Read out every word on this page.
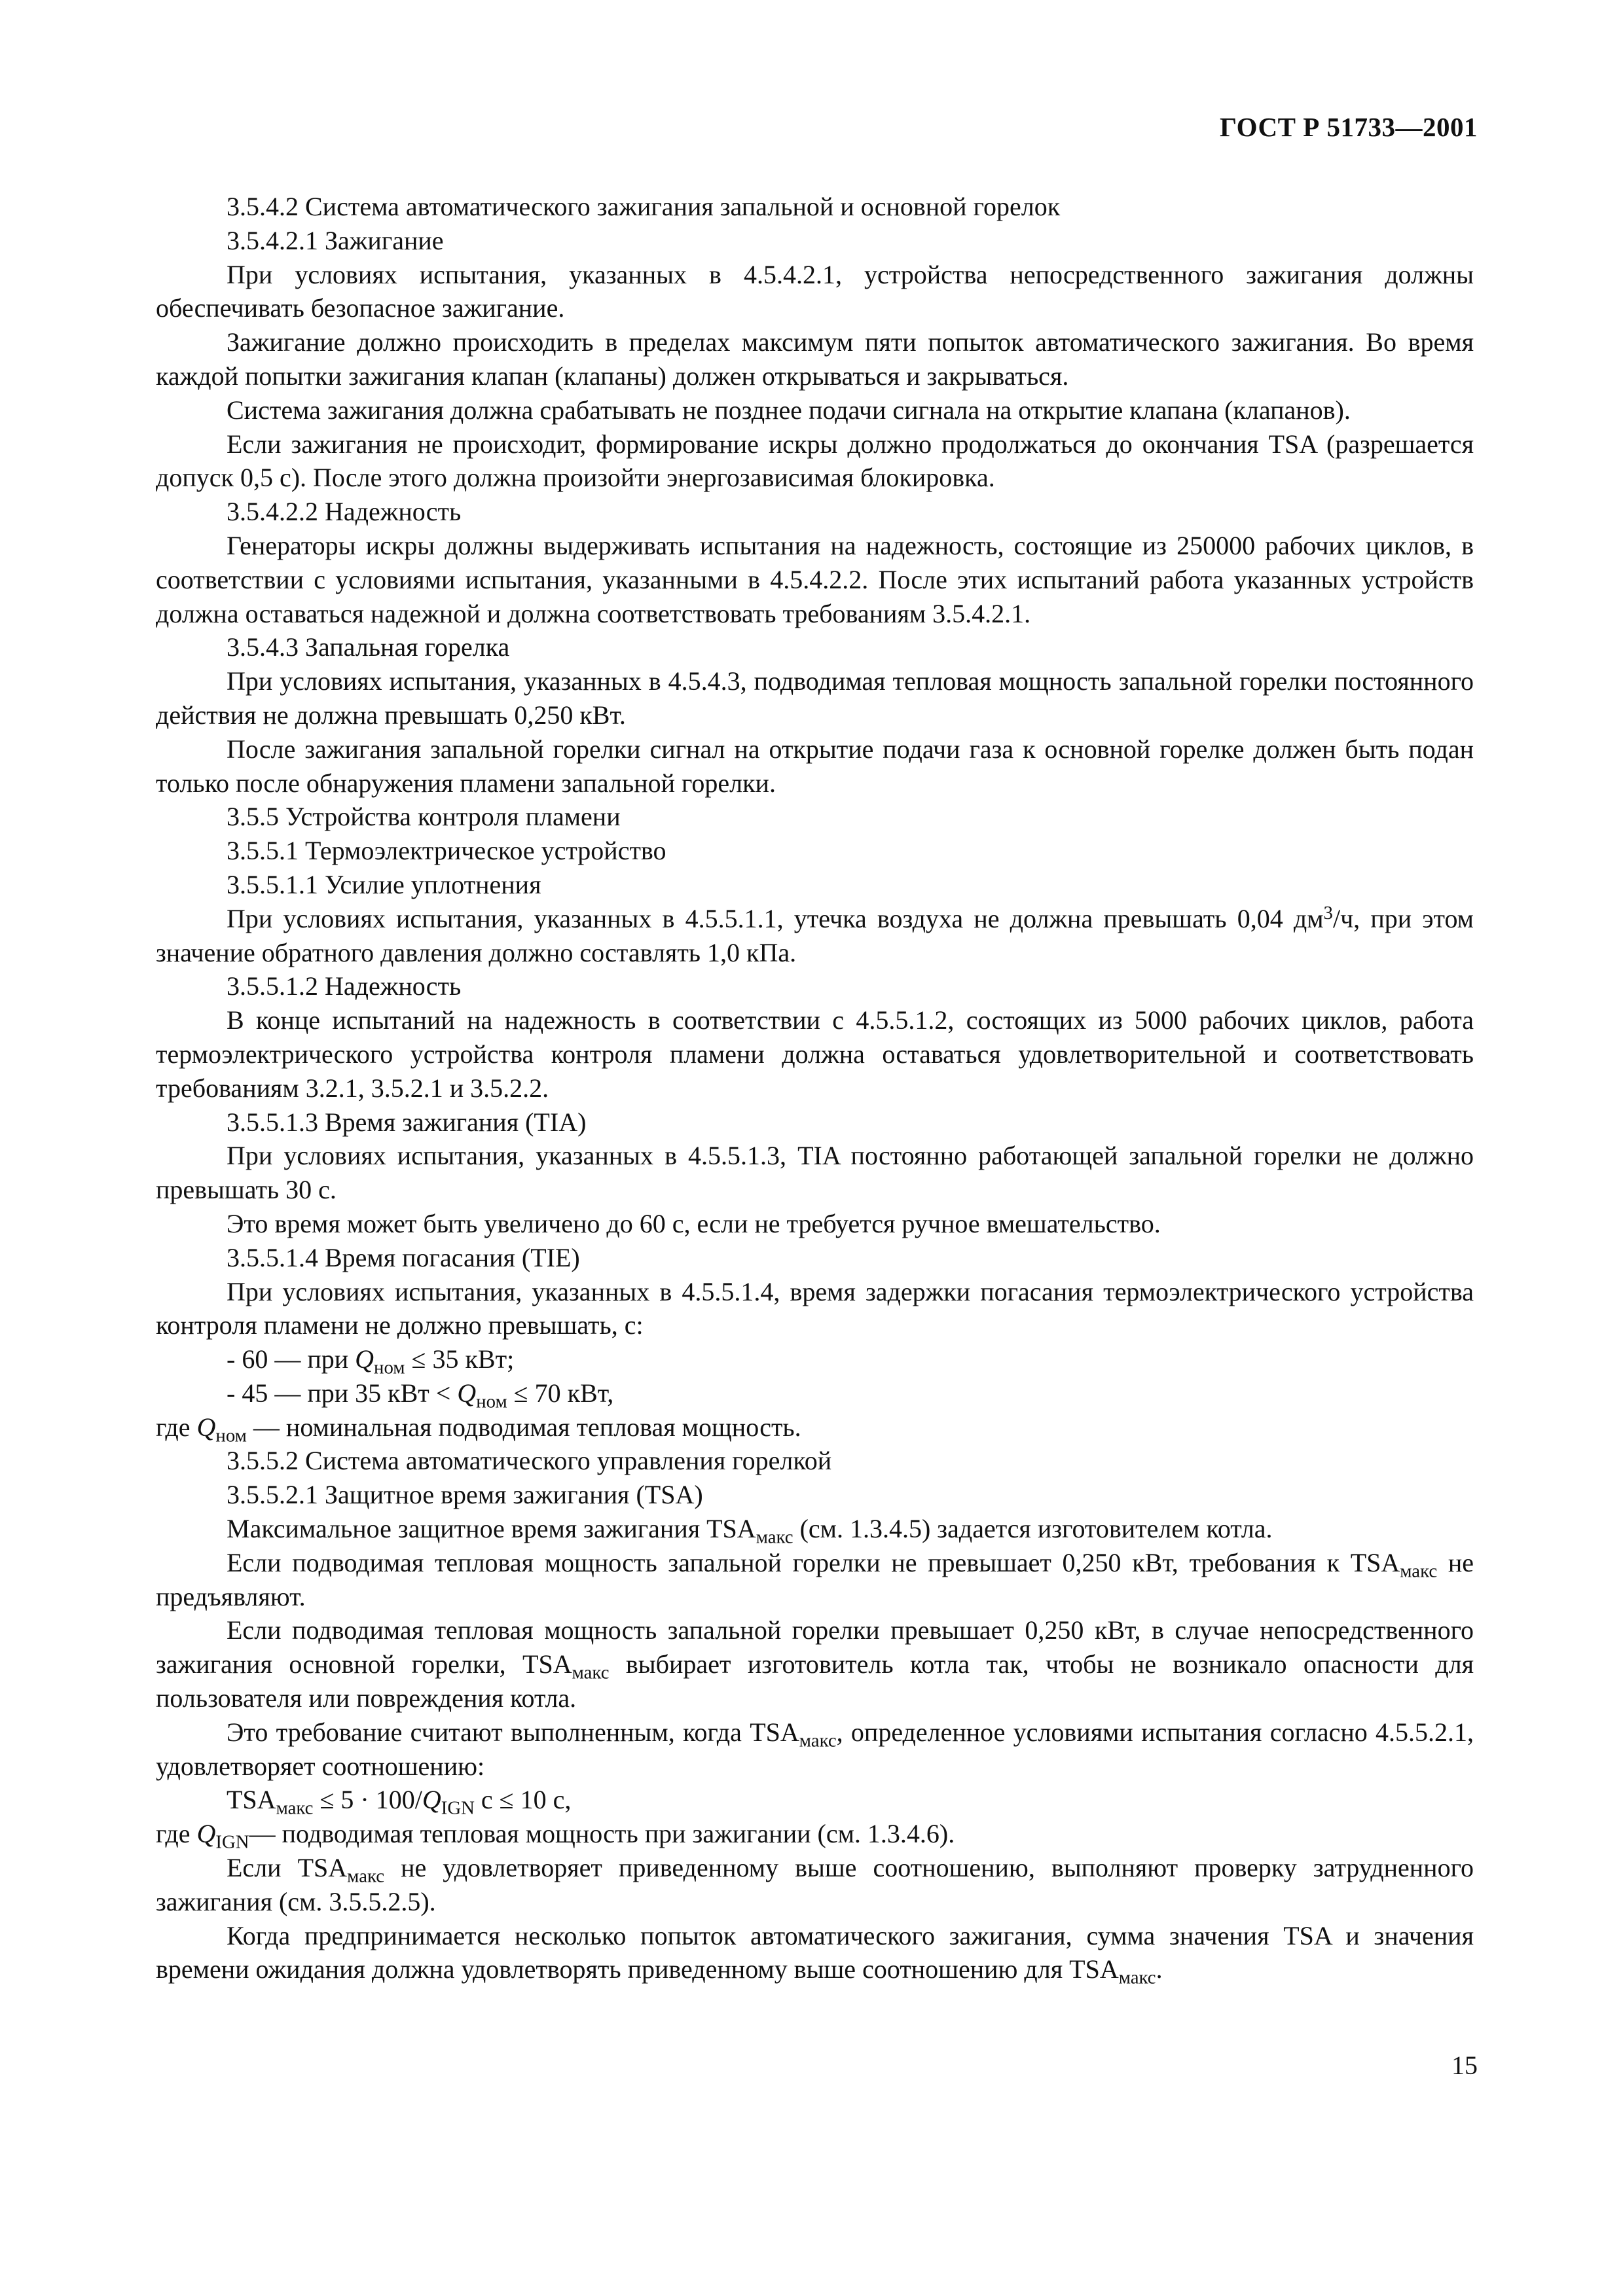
ГОСТ Р 51733—2001

3.5.4.2 Система автоматического зажигания запальной и основной горелок

3.5.4.2.1 Зажигание

При условиях испытания, указанных в 4.5.4.2.1, устройства непосредственного зажигания должны обеспечивать безопасное зажигание.

Зажигание должно происходить в пределах максимум пяти попыток автоматического зажигания. Во время каждой попытки зажигания клапан (клапаны) должен открываться и закрываться.

Система зажигания должна срабатывать не позднее подачи сигнала на открытие клапана (клапанов).

Если зажигания не происходит, формирование искры должно продолжаться до окончания TSA (разрешается допуск 0,5 с). После этого должна произойти энергозависимая блокировка.

3.5.4.2.2 Надежность

Генераторы искры должны выдерживать испытания на надежность, состоящие из 250000 рабочих циклов, в соответствии с условиями испытания, указанными в 4.5.4.2.2. После этих испытаний работа указанных устройств должна оставаться надежной и должна соответствовать требованиям 3.5.4.2.1.

3.5.4.3 Запальная горелка

При условиях испытания, указанных в 4.5.4.3, подводимая тепловая мощность запальной горелки постоянного действия не должна превышать 0,250 кВт.

После зажигания запальной горелки сигнал на открытие подачи газа к основной горелке должен быть подан только после обнаружения пламени запальной горелки.

3.5.5 Устройства контроля пламени

3.5.5.1 Термоэлектрическое устройство

3.5.5.1.1 Усилие уплотнения

При условиях испытания, указанных в 4.5.5.1.1, утечка воздуха не должна превышать 0,04 $дм^3/ч$, при этом значение обратного давления должно составлять 1,0 кПа.

3.5.5.1.2 Надежность

В конце испытаний на надежность в соответствии с 4.5.5.1.2, состоящих из 5000 рабочих циклов, работа термоэлектрического устройства контроля пламени должна оставаться удовлетворительной и соответствовать требованиям 3.2.1, 3.5.2.1 и 3.5.2.2.

3.5.5.1.3 Время зажигания (TIA)

При условиях испытания, указанных в 4.5.5.1.3, TIA постоянно работающей запальной горелки не должно превышать 30 с.

Это время может быть увеличено до 60 с, если не требуется ручное вмешательство.

3.5.5.1.4 Время погасания (TIE)

При условиях испытания, указанных в 4.5.5.1.4, время задержки погасания термоэлектрического устройства контроля пламени не должно превышать, с:

- 60 — при $Q_{ном} \le 35$ кВт;

- 45 — при 35 кВт < $Q_{ном} \le 70$ кВт,

где $Q_{ном}$ — номинальная подводимая тепловая мощность.

3.5.5.2 Система автоматического управления горелкой

3.5.5.2.1 Защитное время зажигания (TSA)

Максимальное защитное время зажигания $TSA_{макс}$ (см. 1.3.4.5) задается изготовителем котла.

Если подводимая тепловая мощность запальной горелки не превышает 0,250 кВт, требования к $TSA_{макс}$ не предъявляют.

Если подводимая тепловая мощность запальной горелки превышает 0,250 кВт, в случае непосредственного зажигания основной горелки, $TSA_{макс}$ выбирает изготовитель котла так, чтобы не возникало опасности для пользователя или повреждения котла.

Это требование считают выполненным, когда $TSA_{макс}$, определенное условиями испытания согласно 4.5.5.2.1, удовлетворяет соотношению:

$TSA_{макс} \le 5 \cdot 100/Q_{IGN}$ с ≤ 10 с,

где $Q_{IGN}—$ подводимая тепловая мощность при зажигании (см. 1.3.4.6).

Если $TSA_{макс}$ не удовлетворяет приведенному выше соотношению, выполняют проверку затрудненного зажигания (см. 3.5.5.2.5).

Когда предпринимается несколько попыток автоматического зажигания, сумма значения TSA и значения времени ожидания должна удовлетворять приведенному выше соотношению для $TSA_{макс}$.

15
